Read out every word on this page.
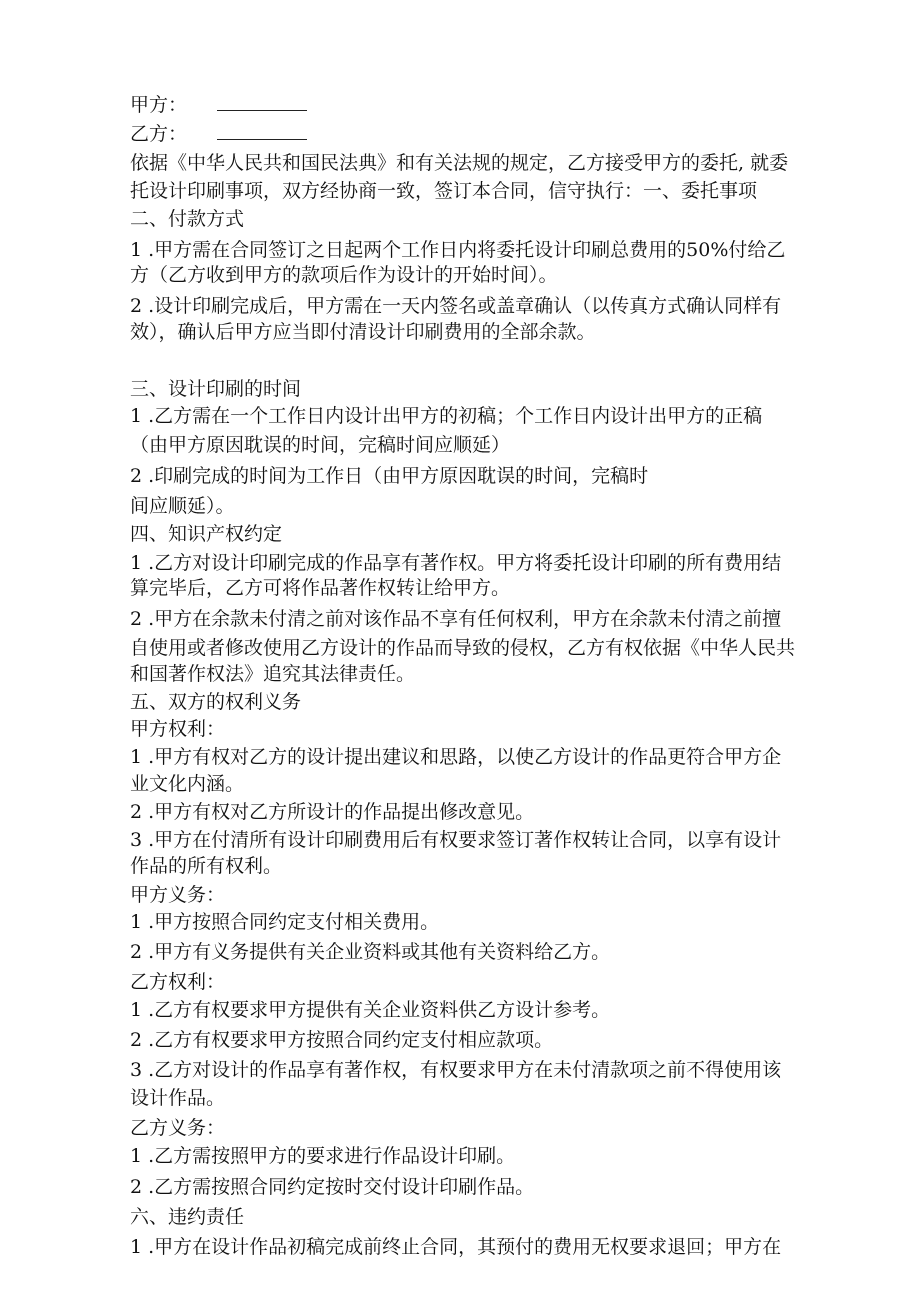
甲方：
乙方：
依据《中华人民共和国民法典》和有关法规的规定，乙方接受甲方的委托, 就委
托设计印刷事项，双方经协商一致，签订本合同，信守执行：一、委托事项
二、付款方式
1 .甲方需在合同签订之日起两个工作日内将委托设计印刷总费用的50%付给乙
方（乙方收到甲方的款项后作为设计的开始时间）。
2 .设计印刷完成后，甲方需在一天内签名或盖章确认（以传真方式确认同样有
效），确认后甲方应当即付清设计印刷费用的全部余款。
三、设计印刷的时间
1 .乙方需在一个工作日内设计出甲方的初稿；个工作日内设计出甲方的正稿
（由甲方原因耽误的时间，完稿时间应顺延）
2 .印刷完成的时间为工作日（由甲方原因耽误的时间，完稿时
间应顺延）。
四、知识产权约定
1 .乙方对设计印刷完成的作品享有著作权。甲方将委托设计印刷的所有费用结
算完毕后，乙方可将作品著作权转让给甲方。
2 .甲方在余款未付清之前对该作品不享有任何权利，甲方在余款未付清之前擅
自使用或者修改使用乙方设计的作品而导致的侵权，乙方有权依据《中华人民共
和国著作权法》追究其法律责任。
五、双方的权利义务
甲方权利：
1 .甲方有权对乙方的设计提出建议和思路，以使乙方设计的作品更符合甲方企
业文化内涵。
2 .甲方有权对乙方所设计的作品提出修改意见。
3 .甲方在付清所有设计印刷费用后有权要求签订著作权转让合同，以享有设计
作品的所有权利。
甲方义务：
1 .甲方按照合同约定支付相关费用。
2 .甲方有义务提供有关企业资料或其他有关资料给乙方。
乙方权利：
1 .乙方有权要求甲方提供有关企业资料供乙方设计参考。
2 .乙方有权要求甲方按照合同约定支付相应款项。
3 .乙方对设计的作品享有著作权，有权要求甲方在未付清款项之前不得使用该
设计作品。
乙方义务：
1 .乙方需按照甲方的要求进行作品设计印刷。
2 .乙方需按照合同约定按时交付设计印刷作品。
六、违约责任
1 .甲方在设计作品初稿完成前终止合同，其预付的费用无权要求退回；甲方在
